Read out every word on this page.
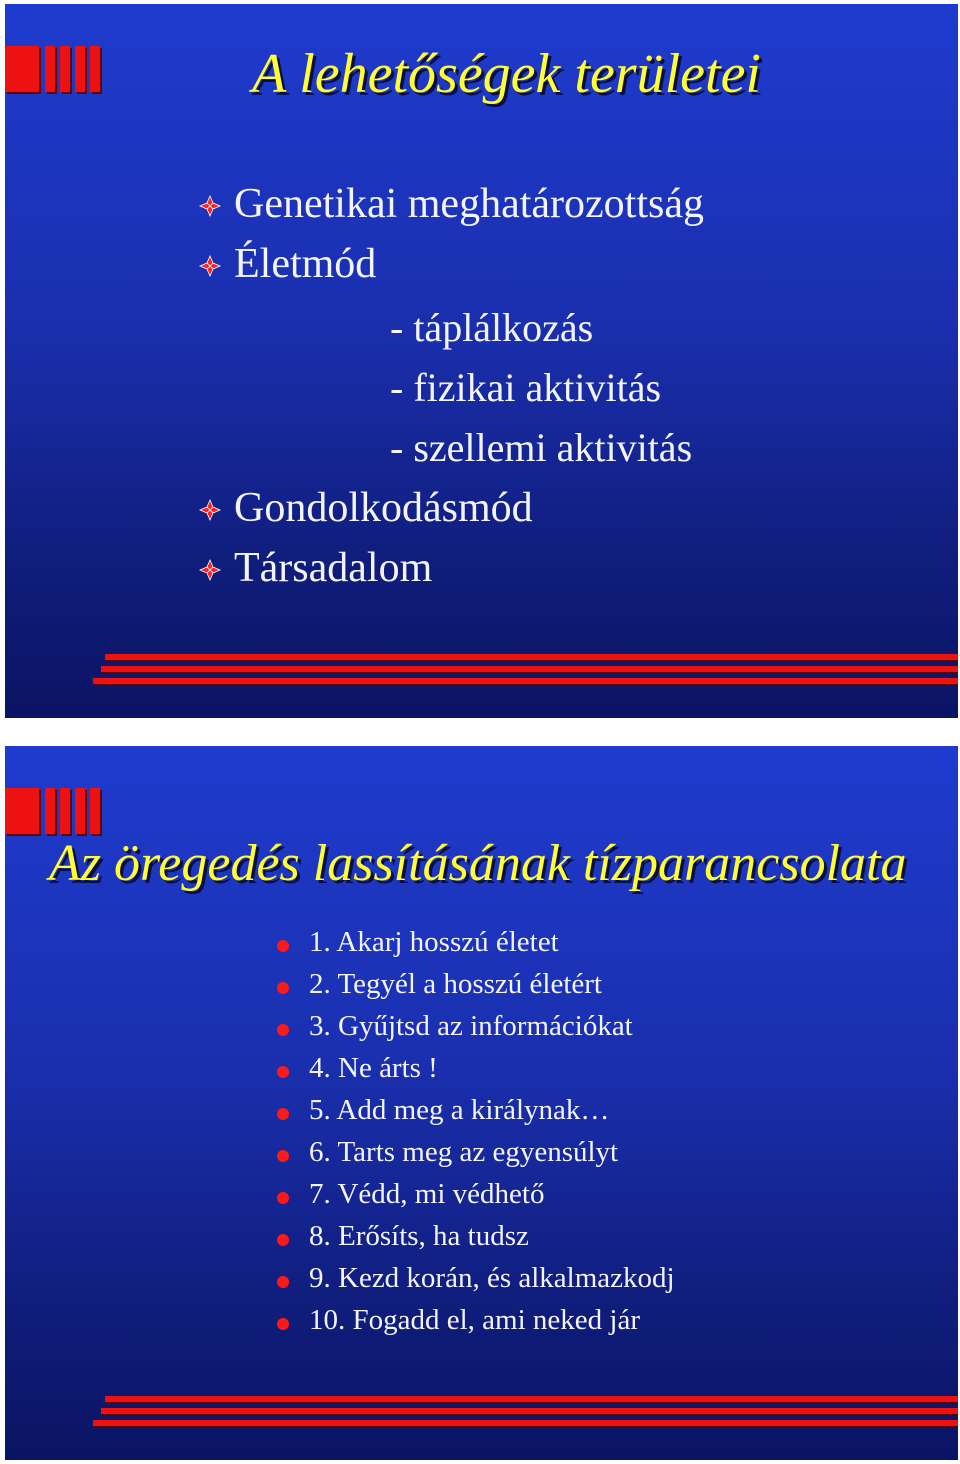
A lehetőségek területei
Genetikai meghatározottság
Életmód
- táplálkozás
- fizikai aktivitás
- szellemi aktivitás
Gondolkodásmód
Társadalom
Az öregedés lassításának tízparancsolata
1. Akarj hosszú életet
2. Tegyél a hosszú életért
3. Gyűjtsd az információkat
4. Ne árts !
5. Add meg a királynak…
6. Tarts meg az egyensúlyt
7. Védd, mi védhető
8. Erősíts, ha tudsz
9. Kezd korán, és alkalmazkodj
10. Fogadd el, ami neked jár
